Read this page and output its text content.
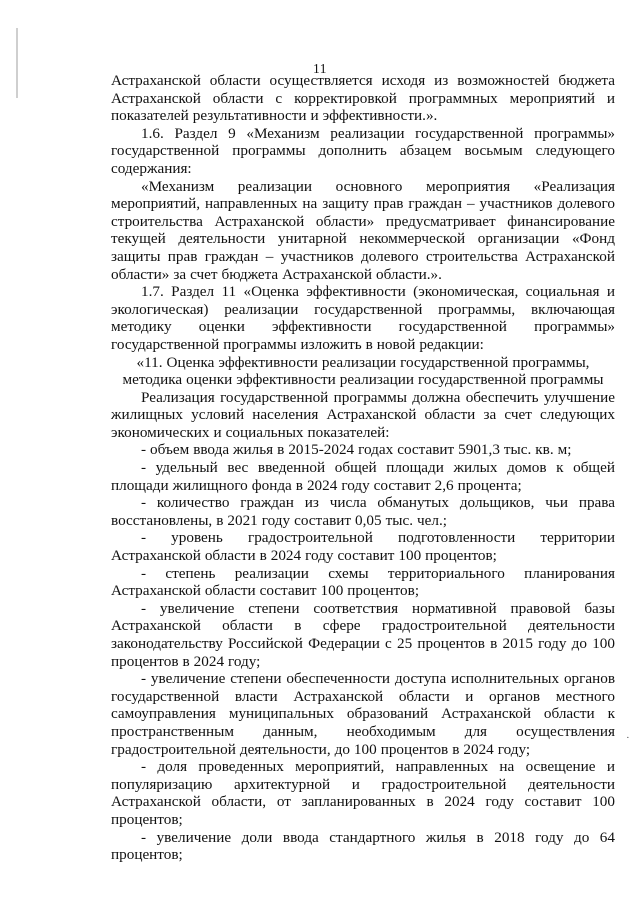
11

Астраханской области осуществляется исходя из возможностей бюджета Астраханской области с корректировкой программных мероприятий и показателей результативности и эффективности.».

1.6. Раздел 9 «Механизм реализации государственной программы» государственной программы дополнить абзацем восьмым следующего содержания:

«Механизм реализации основного мероприятия «Реализация мероприятий, направленных на защиту прав граждан – участников долевого строительства Астраханской области» предусматривает финансирование текущей деятельности унитарной некоммерческой организации «Фонд защиты прав граждан – участников долевого строительства Астраханской области» за счет бюджета Астраханской области.».

1.7. Раздел 11 «Оценка эффективности (экономическая, социальная и экологическая) реализации государственной программы, включающая методику оценки эффективности государственной программы» государственной программы изложить в новой редакции:

«11. Оценка эффективности реализации государственной программы, методика оценки эффективности реализации государственной программы

Реализация государственной программы должна обеспечить улучшение жилищных условий населения Астраханской области за счет следующих экономических и социальных показателей:

- объем ввода жилья в 2015-2024 годах составит 5901,3 тыс. кв. м;

- удельный вес введенной общей площади жилых домов к общей площади жилищного фонда в 2024 году составит 2,6 процента;

- количество граждан из числа обманутых дольщиков, чьи права восстановлены, в 2021 году составит 0,05 тыс. чел.;

- уровень градостроительной подготовленности территории Астраханской области в 2024 году составит 100 процентов;

- степень реализации схемы территориального планирования Астраханской области составит 100 процентов;

- увеличение степени соответствия нормативной правовой базы Астраханской области в сфере градостроительной деятельности законодательству Российской Федерации с 25 процентов в 2015 году до 100 процентов в 2024 году;

- увеличение степени обеспеченности доступа исполнительных органов государственной власти Астраханской области и органов местного самоуправления муниципальных образований Астраханской области к пространственным данным, необходимым для осуществления градостроительной деятельности, до 100 процентов в 2024 году;

- доля проведенных мероприятий, направленных на освещение и популяризацию архитектурной и градостроительной деятельности Астраханской области, от запланированных в 2024 году составит 100 процентов;

- увеличение доли ввода стандартного жилья в 2018 году до 64 процентов;

·
